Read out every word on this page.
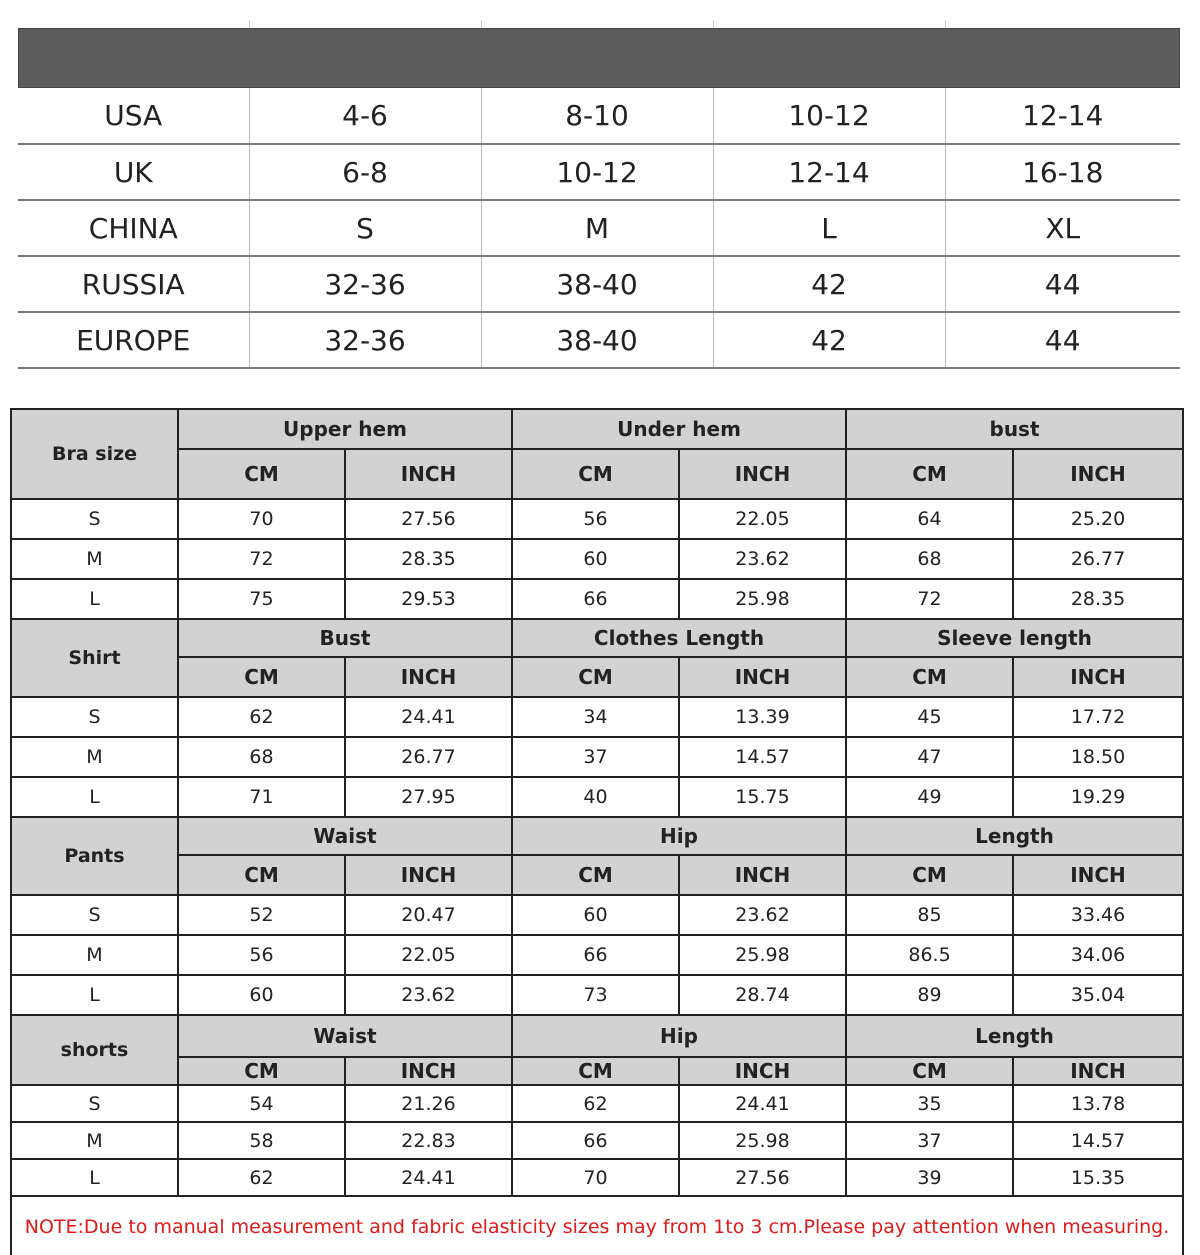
USA	4-6	8-10	10-12	12-14
UK	6-8	10-12	12-14	16-18
CHINA	S	M	L	XL
RUSSIA	32-36	38-40	42	44
EUROPE	32-36	38-40	42	44
Bra size	Upper hem		Under hem		bust	
	CM	INCH	CM	INCH	CM	INCH
S	70	27.56	56	22.05	64	25.20
M	72	28.35	60	23.62	68	26.77
L	75	29.53	66	25.98	72	28.35
Shirt	Bust		Clothes Length		Sleeve length	
	CM	INCH	CM	INCH	CM	INCH
S	62	24.41	34	13.39	45	17.72
M	68	26.77	37	14.57	47	18.50
L	71	27.95	40	15.75	49	19.29
Pants	Waist		Hip		Length	
	CM	INCH	CM	INCH	CM	INCH
S	52	20.47	60	23.62	85	33.46
M	56	22.05	66	25.98	86.5	34.06
L	60	23.62	73	28.74	89	35.04
shorts	Waist		Hip		Length	
	CM	INCH	CM	INCH	CM	INCH
S	54	21.26	62	24.41	35	13.78
M	58	22.83	66	25.98	37	14.57
L	62	24.41	70	27.56	39	15.35
NOTE:Due to manual measurement and fabric elasticity sizes may from 1to 3 cm.Please pay attention when measuring.						
